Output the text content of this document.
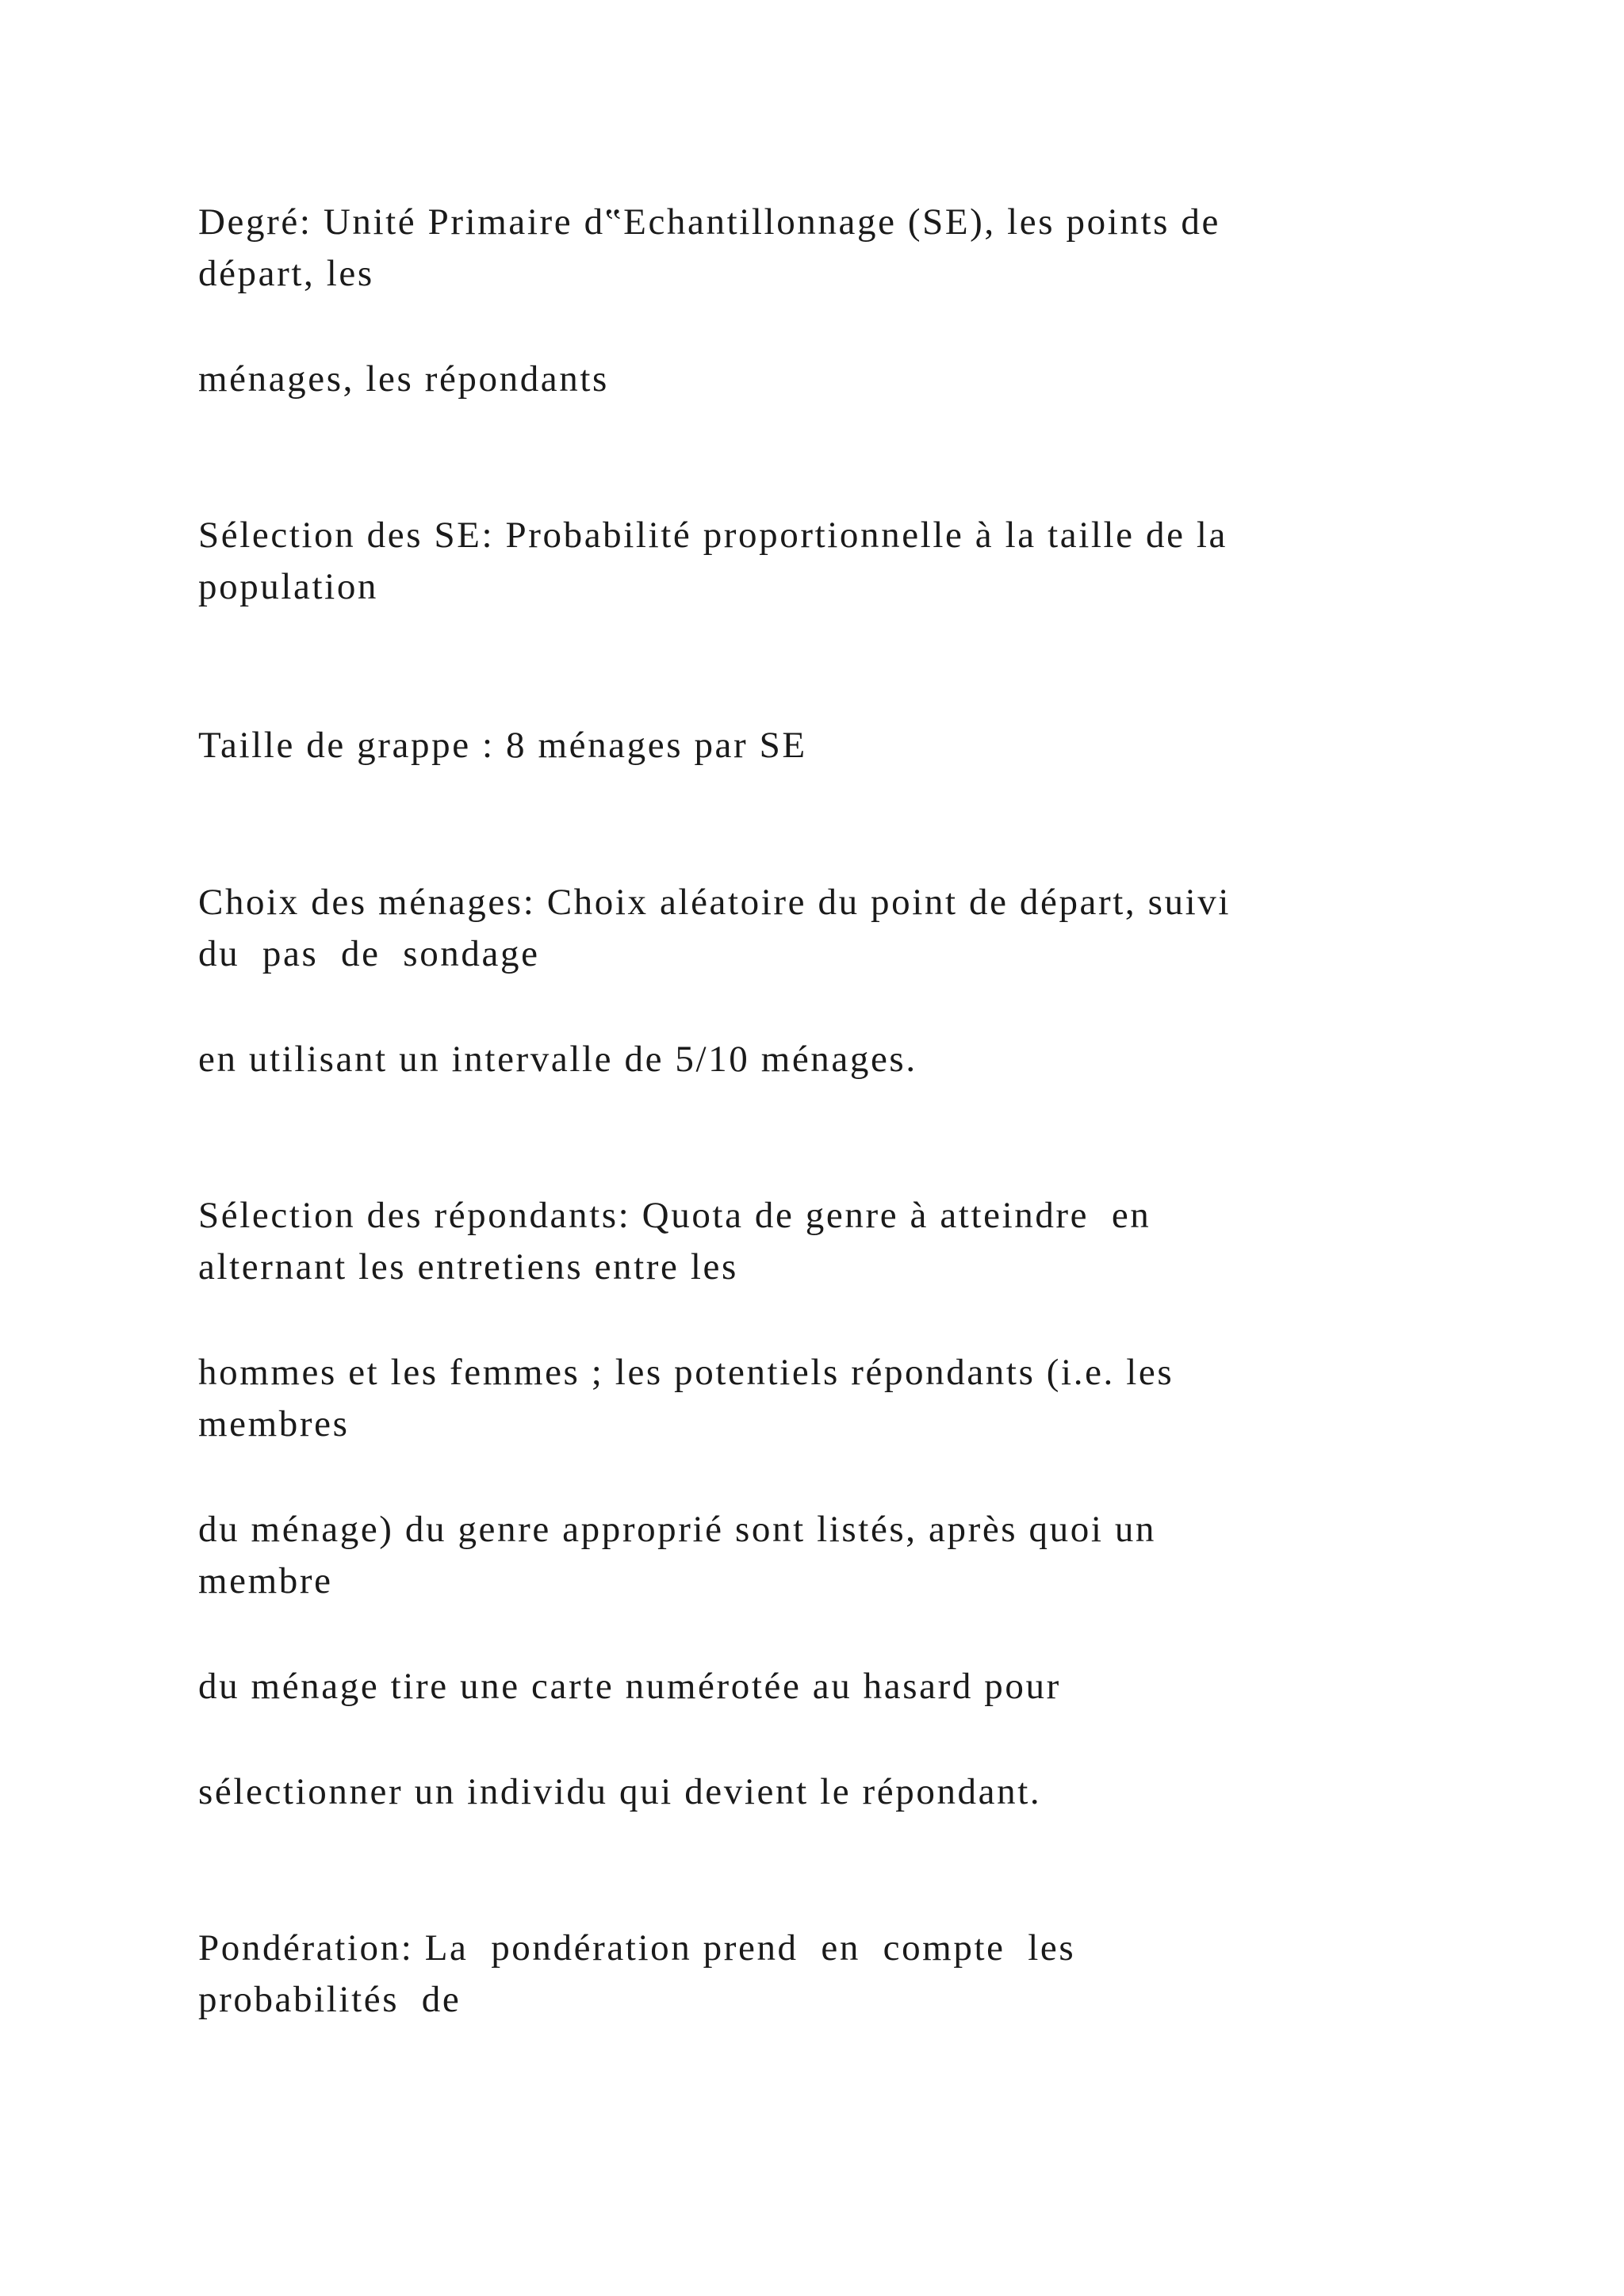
Degré: Unité Primaire d‟Echantillonnage (SE), les points de

départ, les

ménages, les répondants

Sélection des SE: Probabilité proportionnelle à la taille de la

population

Taille de grappe : 8 ménages par SE

Choix des ménages: Choix aléatoire du point de départ, suivi

du  pas  de  sondage

en utilisant un intervalle de 5/10 ménages.

Sélection des répondants: Quota de genre à atteindre  en

alternant les entretiens entre les

hommes et les femmes ; les potentiels répondants (i.e. les

membres

du ménage) du genre approprié sont listés, après quoi un

membre

du ménage tire une carte numérotée au hasard pour

sélectionner un individu qui devient le répondant.

Pondération: La  pondération prend  en  compte  les

probabilités  de
